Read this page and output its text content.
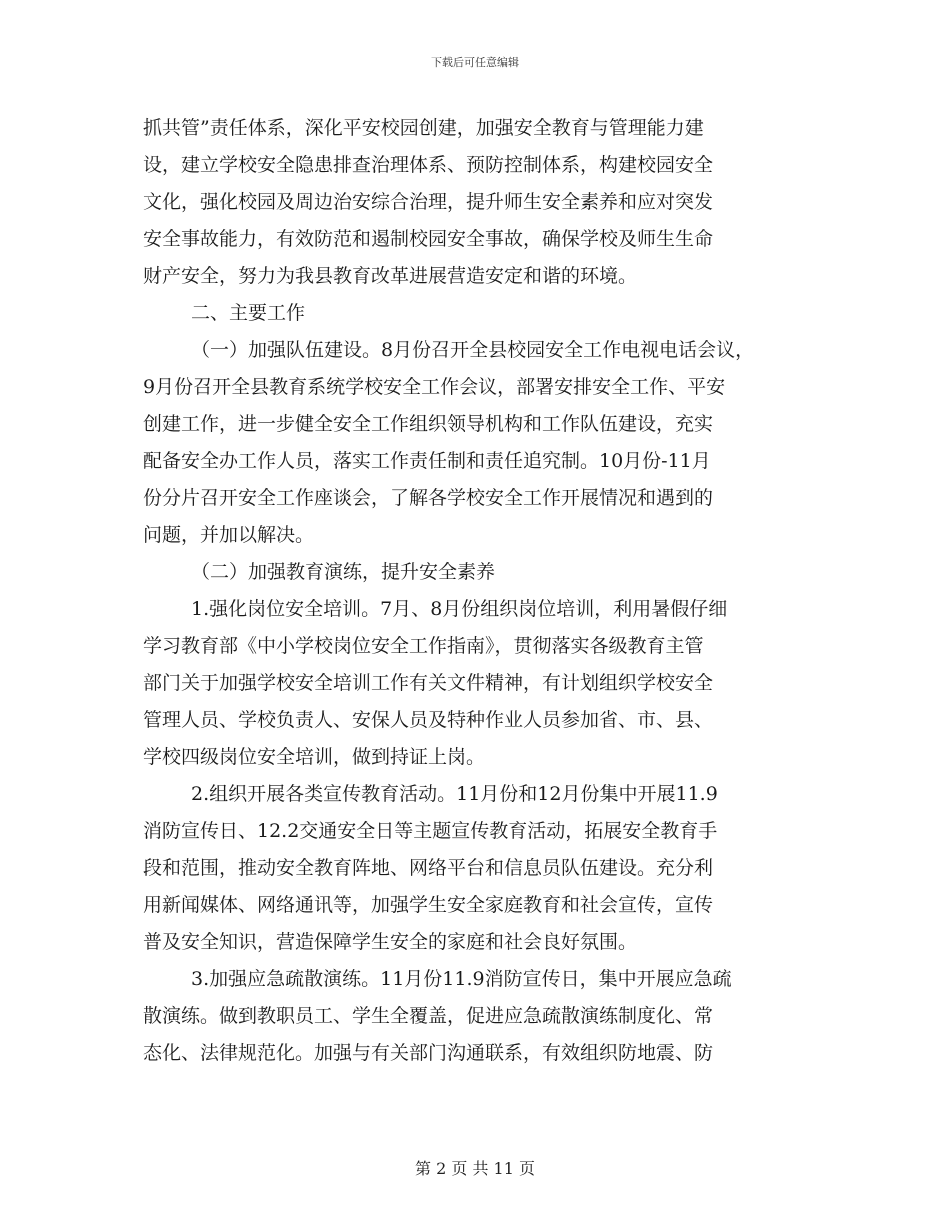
下载后可任意编辑
抓共管”责任体系，深化平安校园创建，加强安全教育与管理能力建
设，建立学校安全隐患排查治理体系、预防控制体系，构建校园安全
文化，强化校园及周边治安综合治理，提升师生安全素养和应对突发
安全事故能力，有效防范和遏制校园安全事故，确保学校及师生生命
财产安全，努力为我县教育改革进展营造安定和谐的环境。
二、主要工作
（一）加强队伍建设。8月份召开全县校园安全工作电视电话会议，
9月份召开全县教育系统学校安全工作会议，部署安排安全工作、平安
创建工作，进一步健全安全工作组织领导机构和工作队伍建设，充实
配备安全办工作人员，落实工作责任制和责任追究制。10月份-11月
份分片召开安全工作座谈会，了解各学校安全工作开展情况和遇到的
问题，并加以解决。
（二）加强教育演练，提升安全素养
1.强化岗位安全培训。7月、8月份组织岗位培训，利用暑假仔细
学习教育部《中小学校岗位安全工作指南》，贯彻落实各级教育主管
部门关于加强学校安全培训工作有关文件精神，有计划组织学校安全
管理人员、学校负责人、安保人员及特种作业人员参加省、市、县、
学校四级岗位安全培训，做到持证上岗。
2.组织开展各类宣传教育活动。11月份和12月份集中开展11.9
消防宣传日、12.2交通安全日等主题宣传教育活动，拓展安全教育手
段和范围，推动安全教育阵地、网络平台和信息员队伍建设。充分利
用新闻媒体、网络通讯等，加强学生安全家庭教育和社会宣传，宣传
普及安全知识，营造保障学生安全的家庭和社会良好氛围。
3.加强应急疏散演练。11月份11.9消防宣传日，集中开展应急疏
散演练。做到教职员工、学生全覆盖，促进应急疏散演练制度化、常
态化、法律规范化。加强与有关部门沟通联系，有效组织防地震、防
第 2 页 共 11 页
